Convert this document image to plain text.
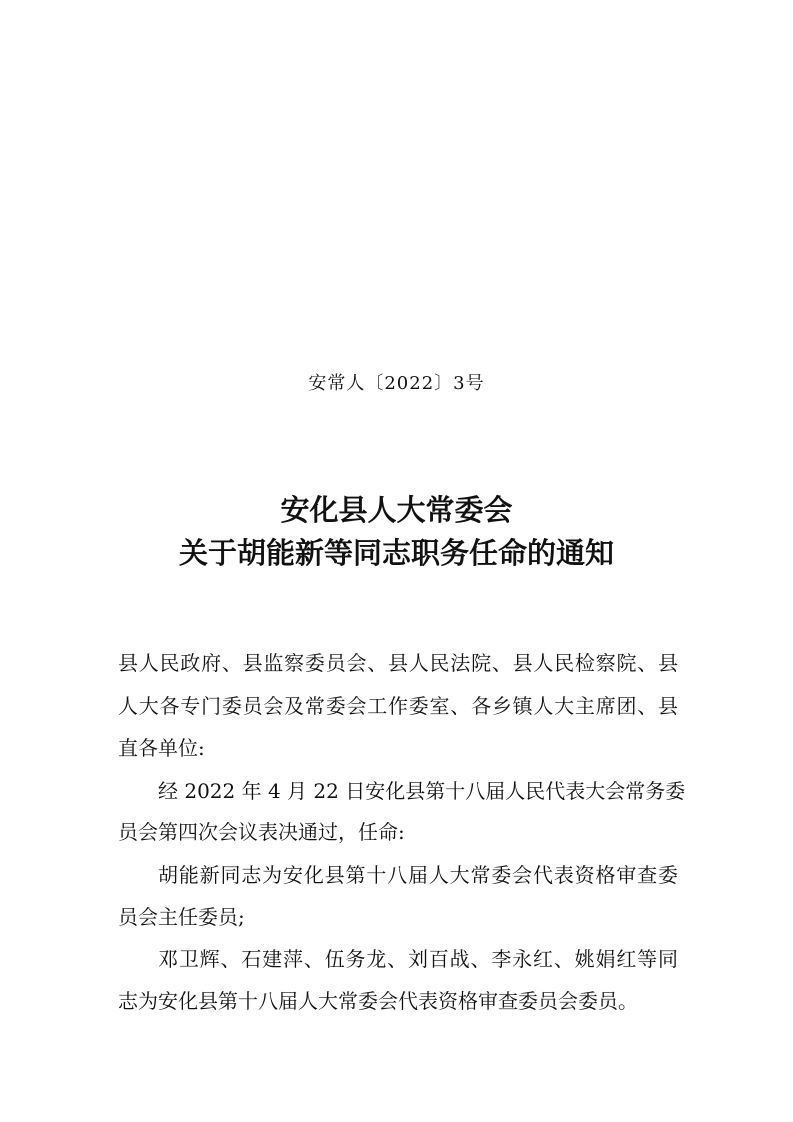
安常人〔2022〕3号
安化县人大常委会
关于胡能新等同志职务任命的通知
县人民政府、县监察委员会、县人民法院、县人民检察院、县
人大各专门委员会及常委会工作委室、各乡镇人大主席团、县
直各单位:
经 2022 年 4 月 22 日安化县第十八届人民代表大会常务委
员会第四次会议表决通过，任命:
胡能新同志为安化县第十八届人大常委会代表资格审查委
员会主任委员;
邓卫辉、石建萍、伍务龙、刘百战、李永红、姚娟红等同
志为安化县第十八届人大常委会代表资格审查委员会委员。
